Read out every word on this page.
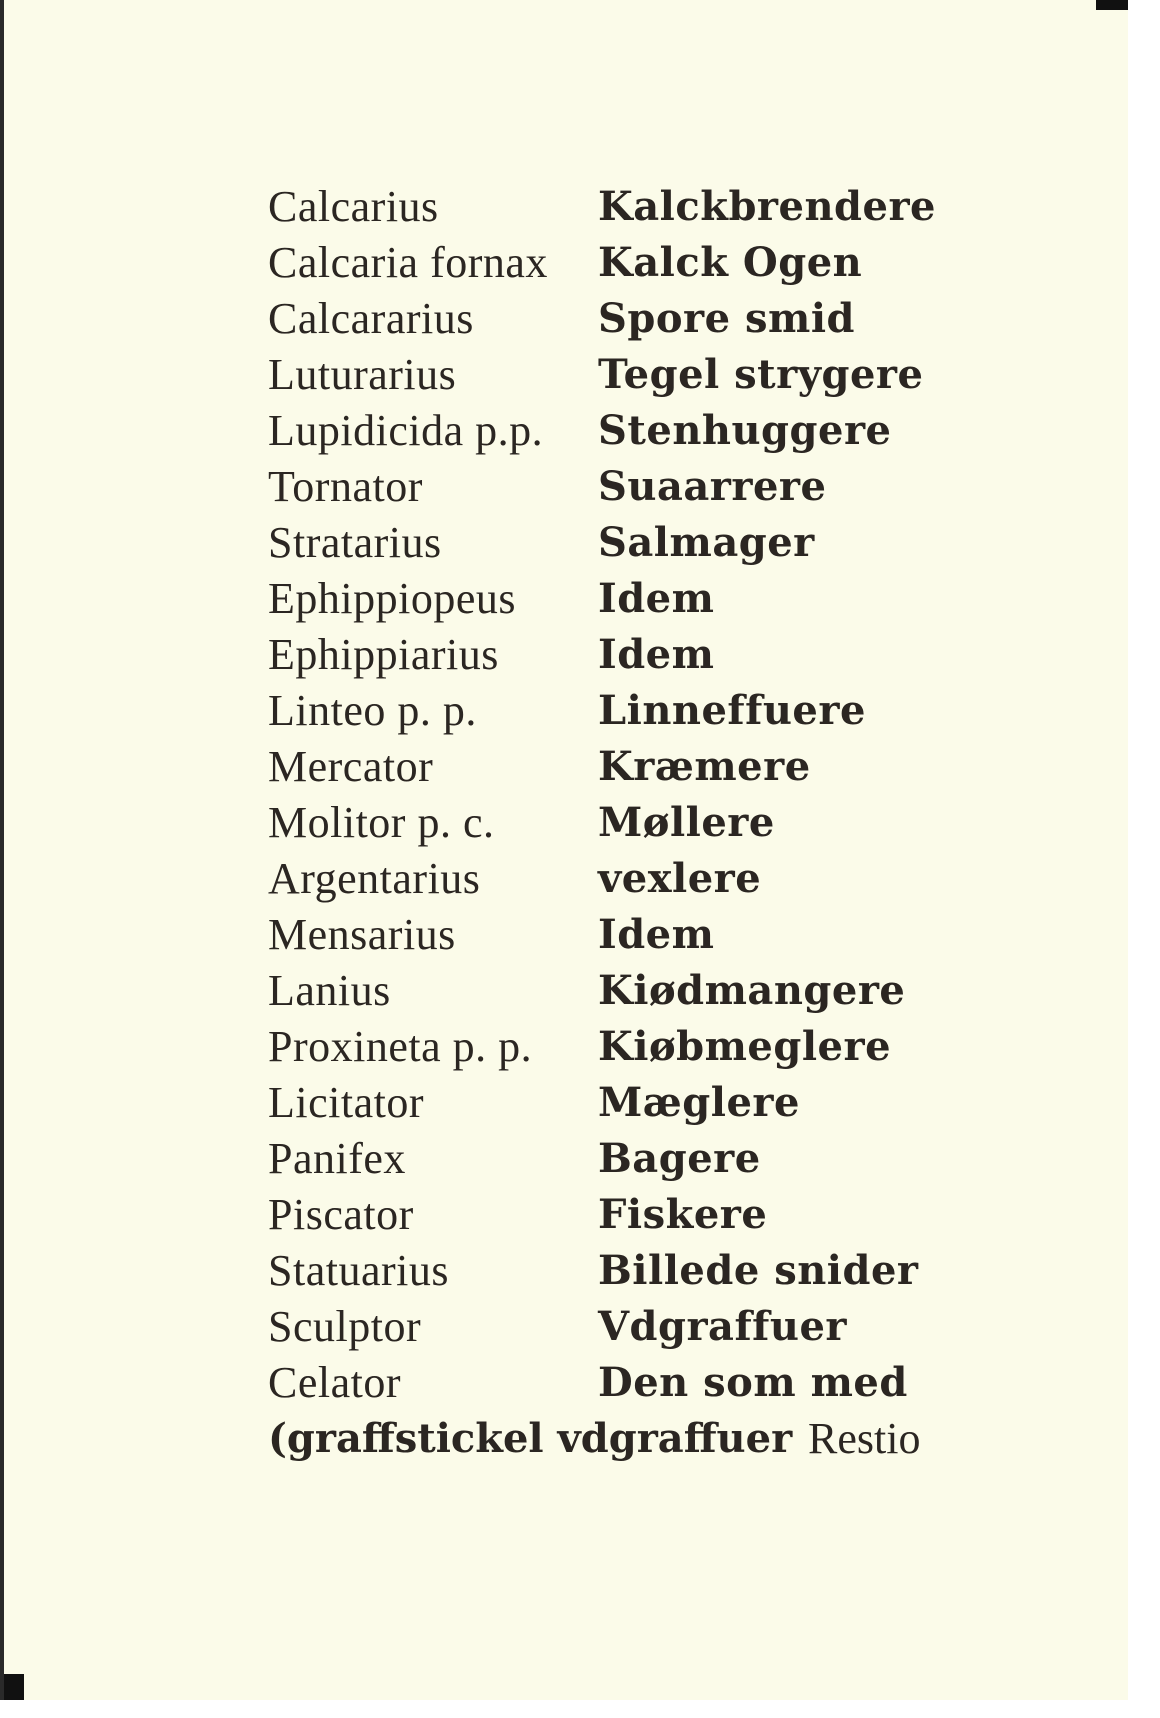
Calcarius	Kalckbrendere
Calcaria fornax	Kalck Ogen
Calcararius	Spore smid
Luturarius	Tegel strygere
Lupidicida p.p.	Stenhuggere
Tornator	Suaarrere
Stratarius	Salmager
Ephippiopeus	Idem
Ephippiarius	Idem
Linteo p. p.	Linneffuere
Mercator	Kræmere
Molitor p. c.	Møllere
Argentarius	vexlere
Mensarius	Idem
Lanius	Kiødmangere
Proxineta p. p.	Kiøbmeglere
Licitator	Mæglere
Panifex	Bagere
Piscator	Fiskere
Statuarius	Billede snider
Sculptor	Vdgraffuer
Celator	Den som med
(graffstickel vdgraffuer Restio
